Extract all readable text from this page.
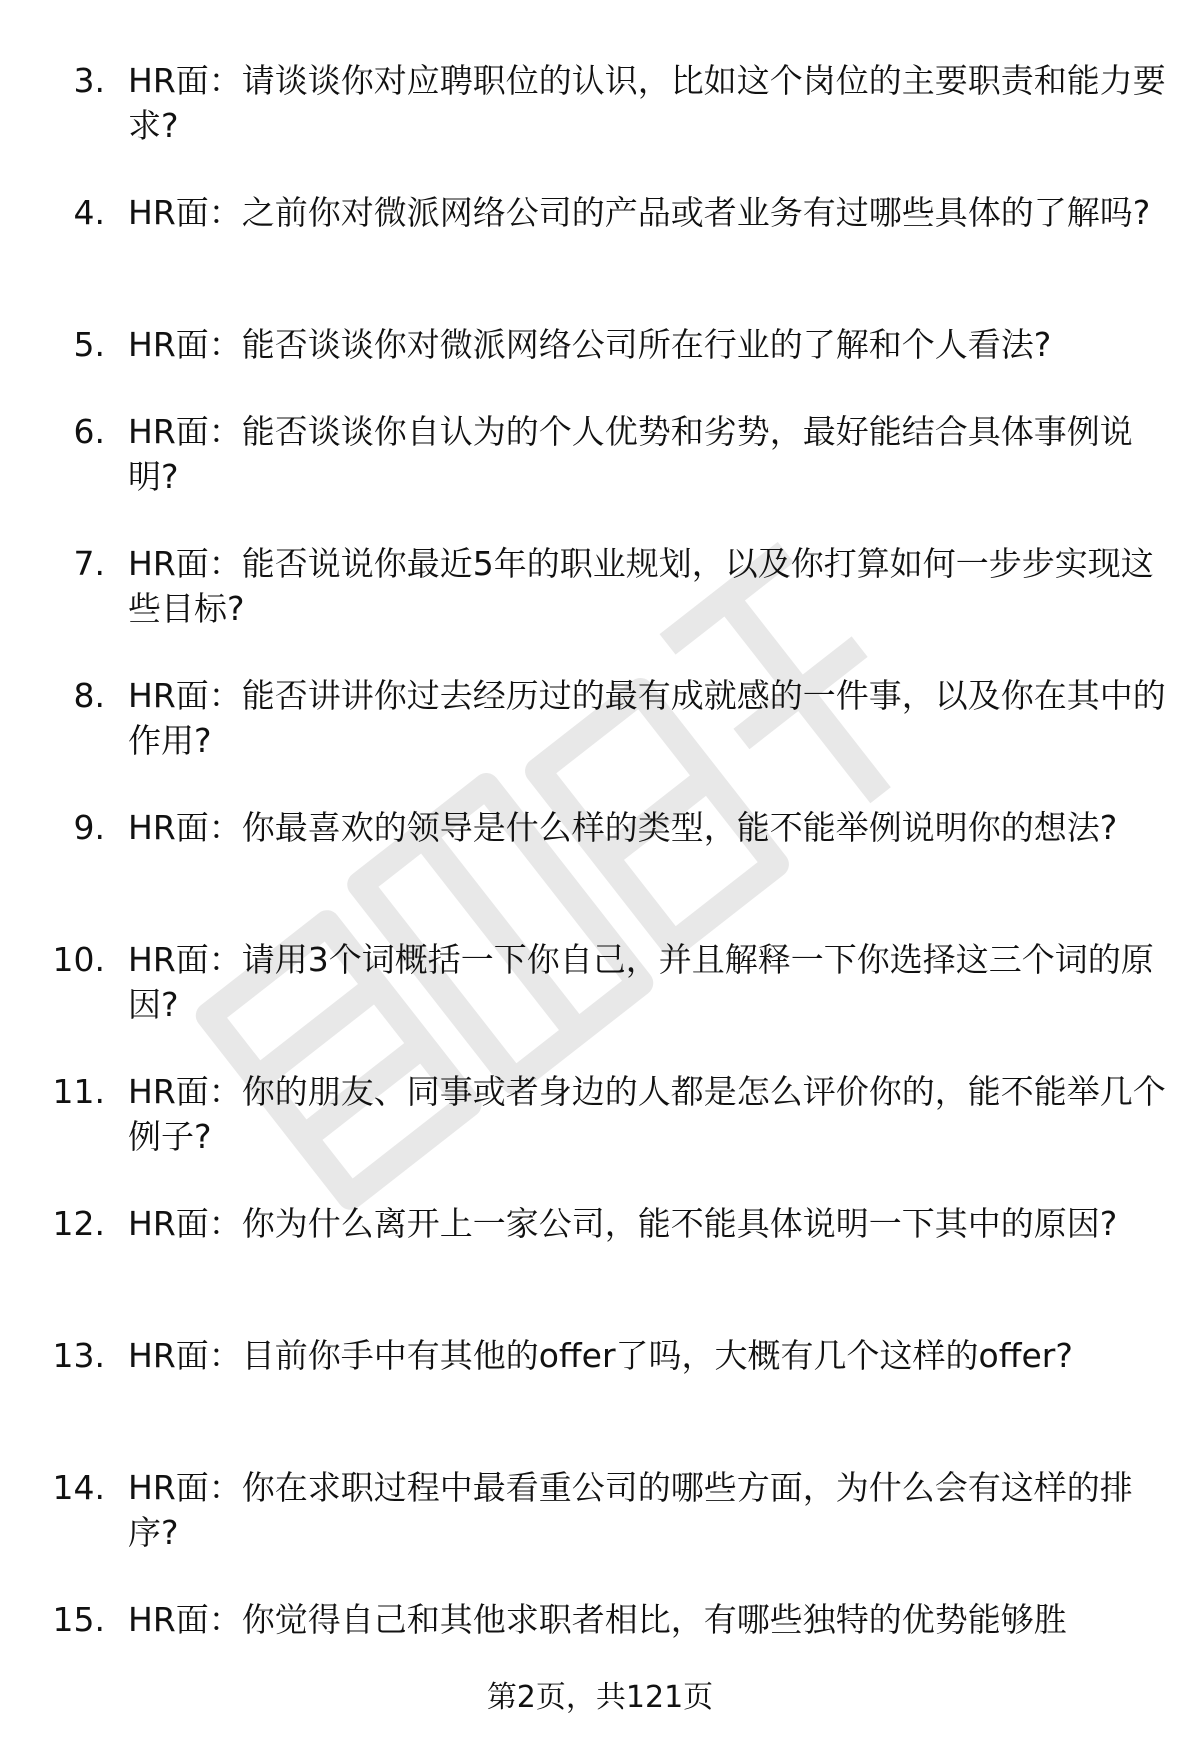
3. HR面：请谈谈你对应聘职位的认识，比如这个岗位的主要职责和能力要求?
4. HR面：之前你对微派网络公司的产品或者业务有过哪些具体的了解吗?
5. HR面：能否谈谈你对微派网络公司所在行业的了解和个人看法?
6. HR面：能否谈谈你自认为的个人优势和劣势，最好能结合具体事例说明?
7. HR面：能否说说你最近5年的职业规划，以及你打算如何一步步实现这些目标?
8. HR面：能否讲讲你过去经历过的最有成就感的一件事，以及你在其中的作用?
9. HR面：你最喜欢的领导是什么样的类型，能不能举例说明你的想法?
10. HR面：请用3个词概括一下你自己，并且解释一下你选择这三个词的原因?
11. HR面：你的朋友、同事或者身边的人都是怎么评价你的，能不能举几个例子?
12. HR面：你为什么离开上一家公司，能不能具体说明一下其中的原因?
13. HR面：目前你手中有其他的offer了吗，大概有几个这样的offer?
14. HR面：你在求职过程中最看重公司的哪些方面，为什么会有这样的排序?
15. HR面：你觉得自己和其他求职者相比，有哪些独特的优势能够胜
第2页，共121页
